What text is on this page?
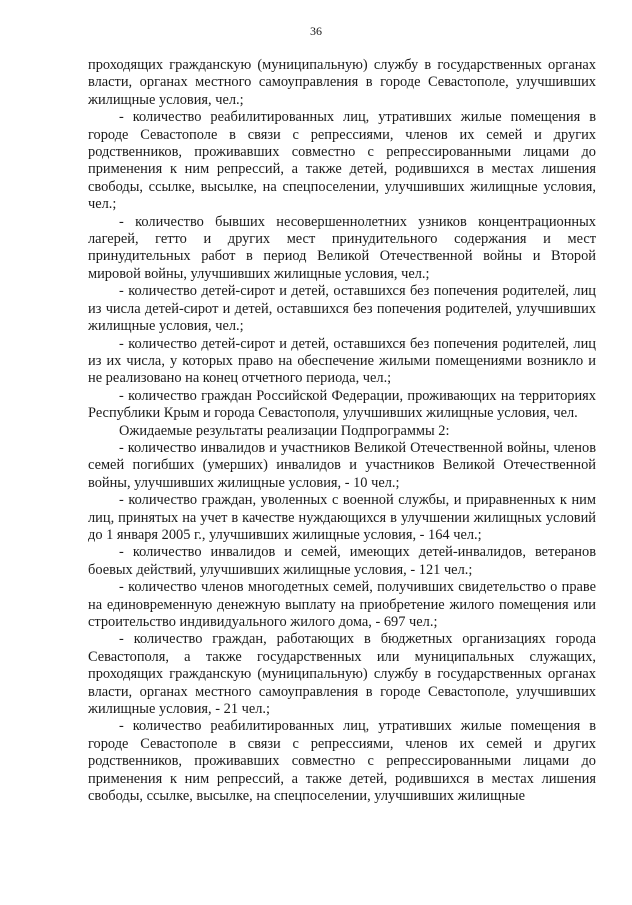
36

проходящих гражданскую (муниципальную) службу в государственных органах власти, органах местного самоуправления в городе Севастополе, улучшивших жилищные условия, чел.;

- количество реабилитированных лиц, утративших жилые помещения в городе Севастополе в связи с репрессиями, членов их семей и других родственников, проживавших совместно с репрессированными лицами до применения к ним репрессий, а также детей, родившихся в местах лишения свободы, ссылке, высылке, на спецпоселении, улучшивших жилищные условия, чел.;

- количество бывших несовершеннолетних узников концентрационных лагерей, гетто и других мест принудительного содержания и мест принудительных работ в период Великой Отечественной войны и Второй мировой войны, улучшивших жилищные условия, чел.;

- количество детей-сирот и детей, оставшихся без попечения родителей, лиц из числа детей-сирот и детей, оставшихся без попечения родителей, улучшивших жилищные условия, чел.;

- количество детей-сирот и детей, оставшихся без попечения родителей, лиц из их числа, у которых право на обеспечение жилыми помещениями возникло и не реализовано на конец отчетного периода, чел.;

- количество граждан Российской Федерации, проживающих на территориях Республики Крым и города Севастополя, улучшивших жилищные условия, чел.

Ожидаемые результаты реализации Подпрограммы 2:

- количество инвалидов и участников Великой Отечественной войны, членов семей погибших (умерших) инвалидов и участников Великой Отечественной войны, улучшивших жилищные условия, - 10 чел.;

- количество граждан, уволенных с военной службы, и приравненных к ним лиц, принятых на учет в качестве нуждающихся в улучшении жилищных условий до 1 января 2005 г., улучшивших жилищные условия, - 164 чел.;

- количество инвалидов и семей, имеющих детей-инвалидов, ветеранов боевых действий, улучшивших жилищные условия, - 121 чел.;

- количество членов многодетных семей, получивших свидетельство о праве на единовременную денежную выплату на приобретение жилого помещения или строительство индивидуального жилого дома, - 697 чел.;

- количество граждан, работающих в бюджетных организациях города Севастополя, а также государственных или муниципальных служащих, проходящих гражданскую (муниципальную) службу в государственных органах власти, органах местного самоуправления в городе Севастополе, улучшивших жилищные условия, - 21 чел.;

- количество реабилитированных лиц, утративших жилые помещения в городе Севастополе в связи с репрессиями, членов их семей и других родственников, проживавших совместно с репрессированными лицами до применения к ним репрессий, а также детей, родившихся в местах лишения свободы, ссылке, высылке, на спецпоселении, улучшивших жилищные
